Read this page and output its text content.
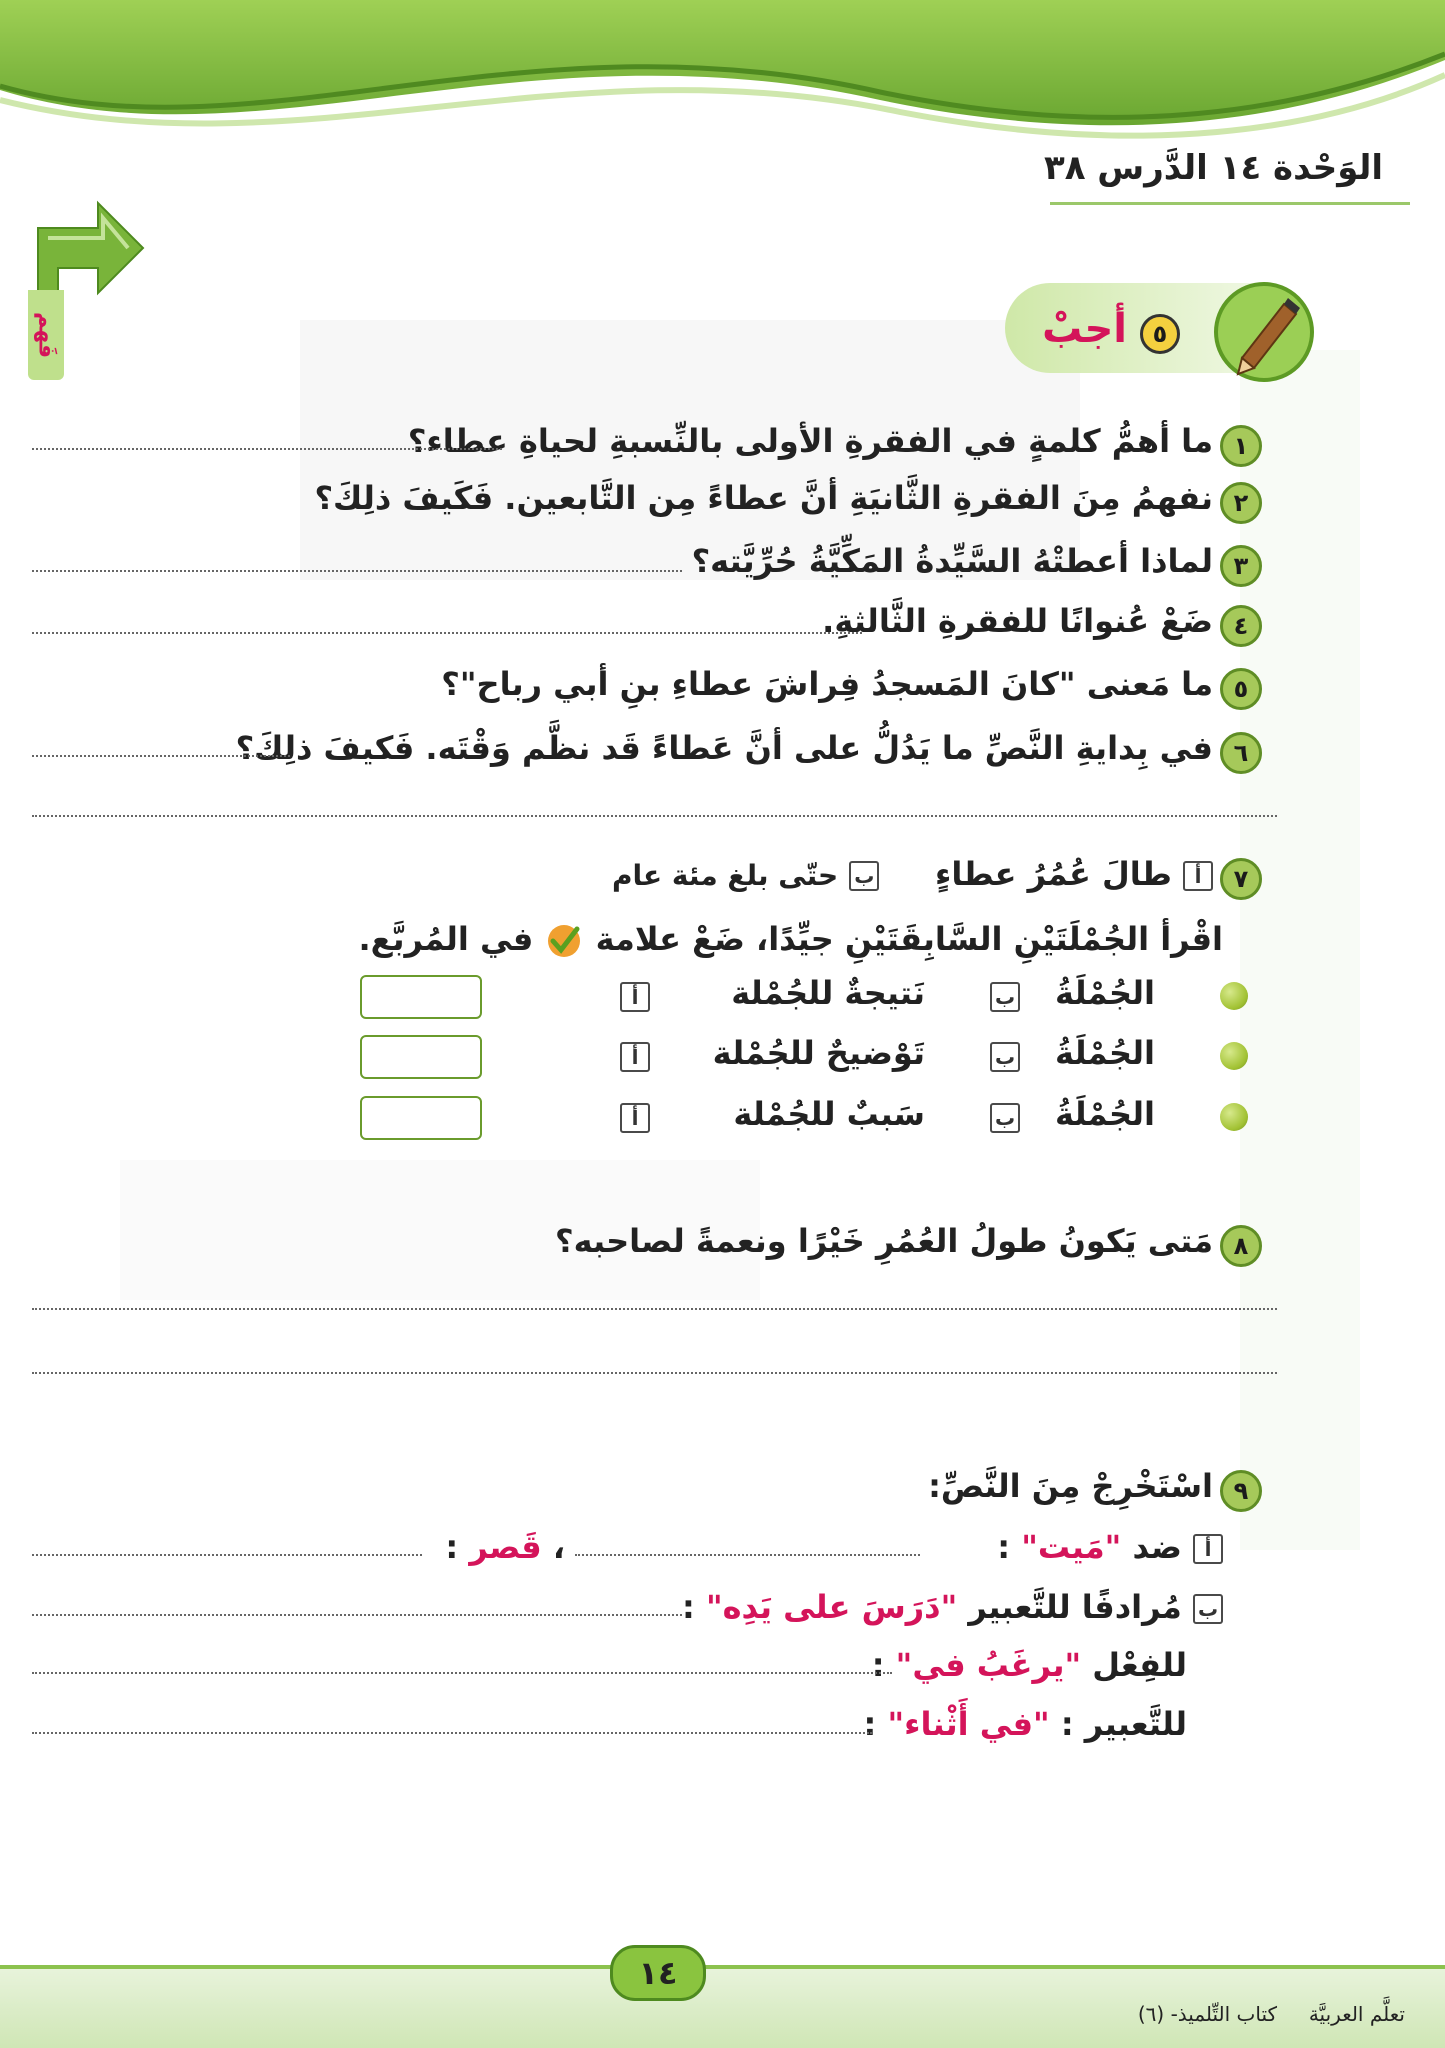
الوَحْدة ١٤ الدَّرس ٣٨
فَهم	٥
أجبْ
١
ما أهمُّ كلمةٍ في الفقرةِ الأولى بالنِّسبةِ لحياةِ عطاء؟
٢
نفهمُ مِنَ الفقرةِ الثَّانيَةِ أنَّ عطاءً مِن التَّابعين. فَكَيفَ ذلِكَ؟
٣
لماذا أعطتْهُ السَّيِّدةُ المَكِّيَّةُ حُرِّيَّته؟
٤
ضَعْ عُنوانًا للفقرةِ الثَّالثةِ.
٥
ما مَعنى "كانَ المَسجدُ فِراشَ عطاءِ بنِ أبي رباح"؟
٦
في بِدايةِ النَّصِّ ما يَدُلُّ على أنَّ عَطاءً قَد نظَّم وَقْتَه. فَكيفَ ذلِكَ؟
٧
أ طالَ عُمُرُ عطاءٍ     ب حتّى بلغ مئة عام
اقْرأ الجُمْلَتَيْنِ السَّابِقَتَيْنِ جيِّدًا، ضَعْ علامة  في المُربَّع.
الجُمْلَةُ
ب
نَتيجةٌ للجُمْلة
أ
الجُمْلَةُ
ب
تَوْضيحٌ للجُمْلة
أ
الجُمْلَةُ
ب
سَببٌ للجُمْلة
أ
٨
مَتى يَكونُ طولُ العُمُرِ خَيْرًا ونعمةً لصاحبه؟
٩
اسْتَخْرِجْ مِنَ النَّصِّ:
أ ضد "مَيت" :
، قَصر :
ب مُرادفًا للتَّعبير "دَرَسَ على يَدِه" :
للفِعْل "يرغَبُ في" :
للتَّعبير : "في أَثْناء" :
١٤
تعلَّم العربيَّة     كتاب التِّلميذ- (٦)
